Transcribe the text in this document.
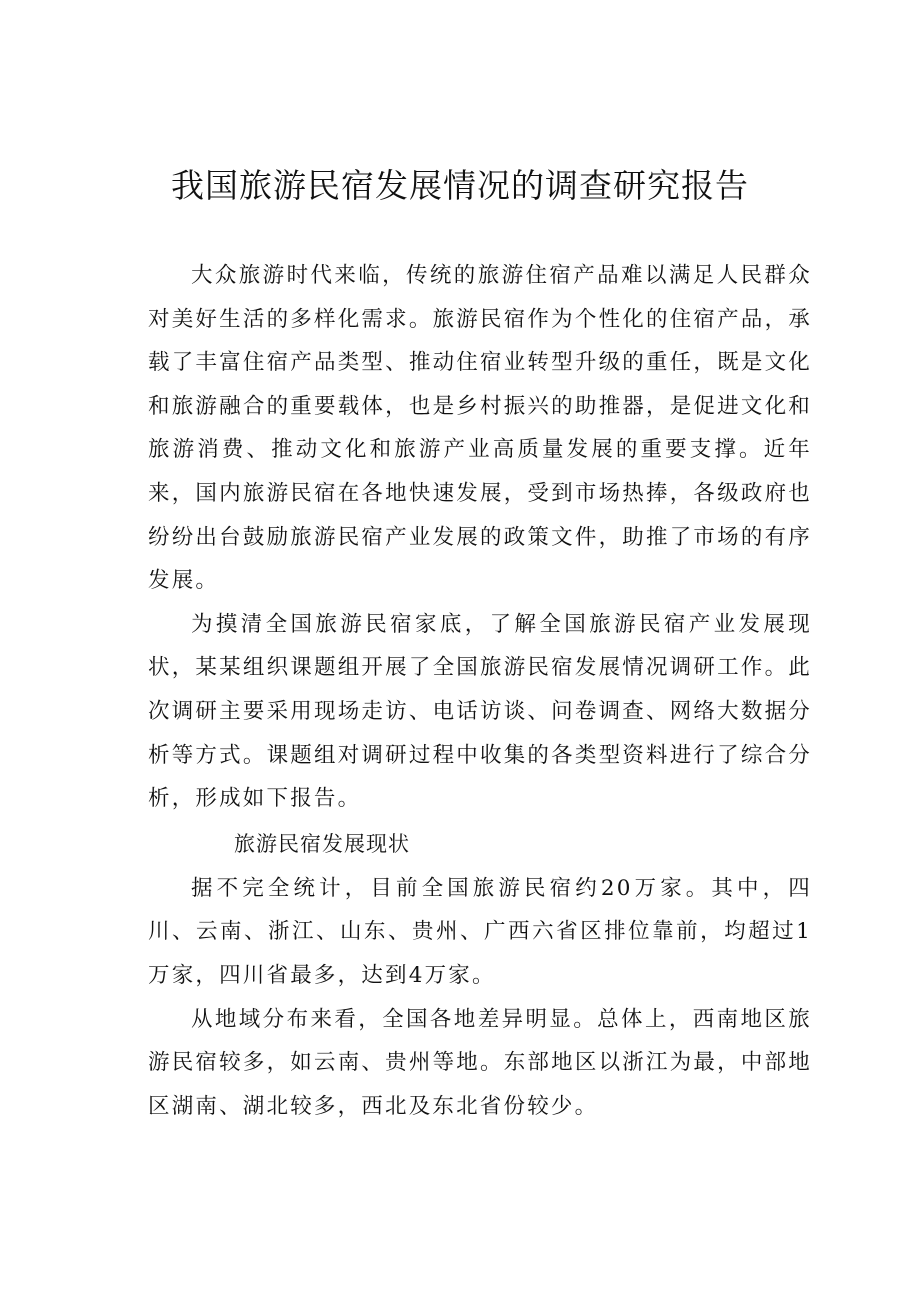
我国旅游民宿发展情况的调查研究报告

大众旅游时代来临，传统的旅游住宿产品难以满足人民群众对美好生活的多样化需求。旅游民宿作为个性化的住宿产品，承载了丰富住宿产品类型、推动住宿业转型升级的重任，既是文化和旅游融合的重要载体，也是乡村振兴的助推器，是促进文化和旅游消费、推动文化和旅游产业高质量发展的重要支撑。近年来，国内旅游民宿在各地快速发展，受到市场热捧，各级政府也纷纷出台鼓励旅游民宿产业发展的政策文件，助推了市场的有序发展。

为摸清全国旅游民宿家底，了解全国旅游民宿产业发展现状，某某组织课题组开展了全国旅游民宿发展情况调研工作。此次调研主要采用现场走访、电话访谈、问卷调查、网络大数据分析等方式。课题组对调研过程中收集的各类型资料进行了综合分析，形成如下报告。

旅游民宿发展现状

据不完全统计，目前全国旅游民宿约20万家。其中，四川、云南、浙江、山东、贵州、广西六省区排位靠前，均超过1万家，四川省最多，达到4万家。

从地域分布来看，全国各地差异明显。总体上，西南地区旅游民宿较多，如云南、贵州等地。东部地区以浙江为最，中部地区湖南、湖北较多，西北及东北省份较少。
